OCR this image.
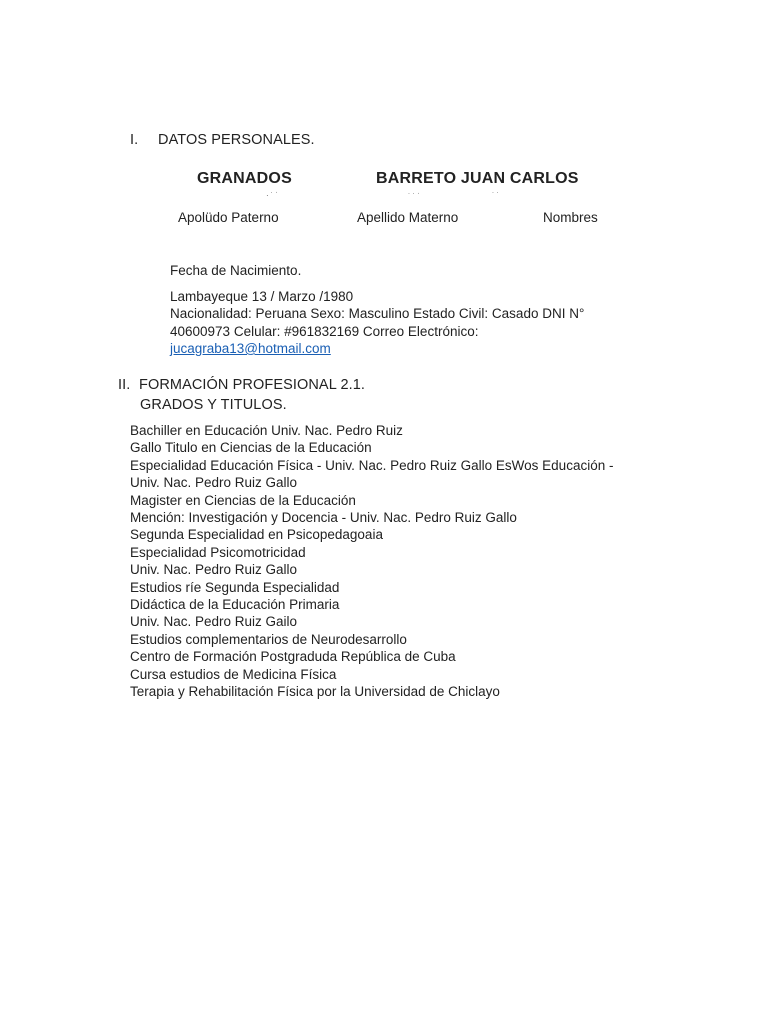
I. DATOS PERSONALES.
GRANADOS	BARRETO JUAN CARLOS
·˙˙	˙˙˙	˙˙
Apolüdo Paterno	Apellido Materno	Nombres
Fecha de Nacimiento.
Lambayeque 13 / Marzo /1980
Nacionalidad: Peruana Sexo: Masculino Estado Civil: Casado DNI N°
40600973 Celular: #961832169 Correo Electrónico:
jucagraba13@hotmail.com
II. FORMACIÓN PROFESIONAL 2.1.
GRADOS Y TITULOS.
Bachiller en Educación Univ. Nac. Pedro Ruiz
Gallo Titulo en Ciencias de la Educación
Especialidad Educación Física - Univ. Nac. Pedro Ruiz Gallo EsWos Educación -
Univ. Nac. Pedro Ruiz Gallo
Magister en Ciencias de la Educación
Mención: Investigación y Docencia - Univ. Nac. Pedro Ruiz Gallo
Segunda Especialidad en Psicopedagoaia
Especialidad Psicomotricidad
Univ. Nac. Pedro Ruiz Gallo
Estudios ríe Segunda Especialidad
Didáctica de la Educación Primaria
Univ. Nac. Pedro Ruiz Gailo
Estudios complementarios de Neurodesarrollo
Centro de Formación Postgraduda República de Cuba
Cursa estudios de Medicina Física
Terapia y Rehabilitación Física por la Universidad de Chiclayo
